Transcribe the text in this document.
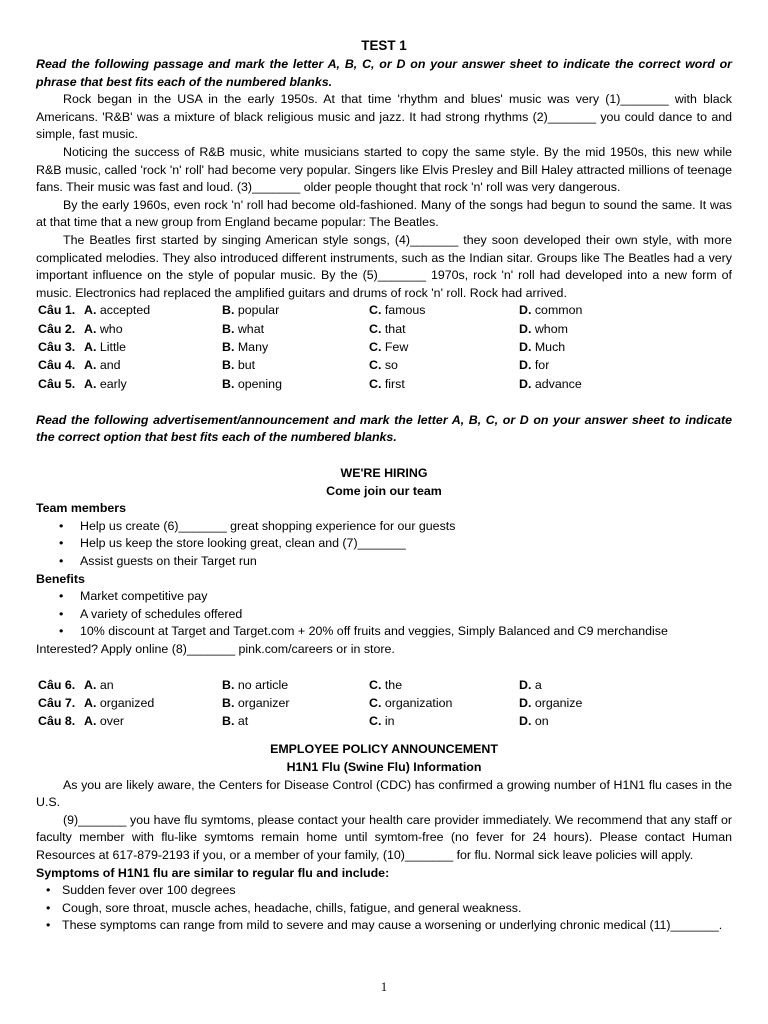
TEST 1

Read the following passage and mark the letter A, B, C, or D on your answer sheet to indicate the correct word or phrase that best fits each of the numbered blanks.

Rock began in the USA in the early 1950s. At that time 'rhythm and blues' music was very (1)_______ with black Americans. 'R&B' was a mixture of black religious music and jazz. It had strong rhythms (2)_______ you could dance to and simple, fast music.

Noticing the success of R&B music, white musicians started to copy the same style. By the mid 1950s, this new while R&B music, called 'rock 'n' roll' had become very popular. Singers like Elvis Presley and Bill Haley attracted millions of teenage fans. Their music was fast and loud. (3)_______ older people thought that rock 'n' roll was very dangerous.

By the early 1960s, even rock 'n' roll had become old-fashioned. Many of the songs had begun to sound the same. It was at that time that a new group from England became popular: The Beatles.

The Beatles first started by singing American style songs, (4)_______ they soon developed their own style, with more complicated melodies. They also introduced different instruments, such as the Indian sitar. Groups like The Beatles had a very important influence on the style of popular music. By the (5)_______ 1970s, rock 'n' roll had developed into a new form of music. Electronics had replaced the amplified guitars and drums of rock 'n' roll. Rock had arrived.

Câu 1.	A. accepted	B. popular	C. famous	D. common
Câu 2.	A. who	B. what	C. that	D. whom
Câu 3.	A. Little	B. Many	C. Few	D. Much
Câu 4.	A. and	B. but	C. so	D. for
Câu 5.	A. early	B. opening	C. first	D. advance

Read the following advertisement/announcement and mark the letter A, B, C, or D on your answer sheet to indicate the correct option that best fits each of the numbered blanks.

WE'RE HIRING

Come join our team

Team members

• Help us create (6)_______ great shopping experience for our guests
• Help us keep the store looking great, clean and (7)_______
• Assist guests on their Target run

Benefits

• Market competitive pay
• A variety of schedules offered
• 10% discount at Target and Target.com + 20% off fruits and veggies, Simply Balanced and C9 merchandise

Interested? Apply online (8)_______ pink.com/careers or in store.

Câu 6.	A. an	B. no article	C. the	D. a
Câu 7.	A. organized	B. organizer	C. organization	D. organize
Câu 8.	A. over	B. at	C. in	D. on

EMPLOYEE POLICY ANNOUNCEMENT

H1N1 Flu (Swine Flu) Information

As you are likely aware, the Centers for Disease Control (CDC) has confirmed a growing number of H1N1 flu cases in the U.S.

(9)_______ you have flu symtoms, please contact your health care provider immediately. We recommend that any staff or faculty member with flu-like symtoms remain home until symtom-free (no fever for 24 hours). Please contact Human Resources at 617-879-2193 if you, or a member of your family, (10)_______ for flu. Normal sick leave policies will apply.

Symptoms of H1N1 flu are similar to regular flu and include:

• Sudden fever over 100 degrees
• Cough, sore throat, muscle aches, headache, chills, fatigue, and general weakness.
• These symptoms can range from mild to severe and may cause a worsening or underlying chronic medical (11)_______.
1
